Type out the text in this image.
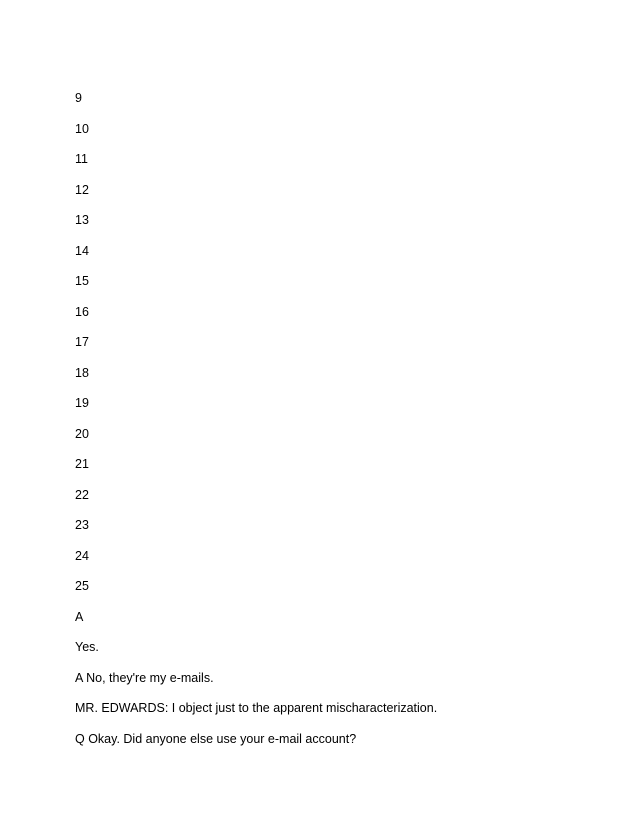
9
10
11
12
13
14
15
16
17
18
19
20
21
22
23
24
25
A
Yes.
A No, they're my e-mails.
MR. EDWARDS: I object just to the apparent mischaracterization.
Q Okay. Did anyone else use your e-mail account?
